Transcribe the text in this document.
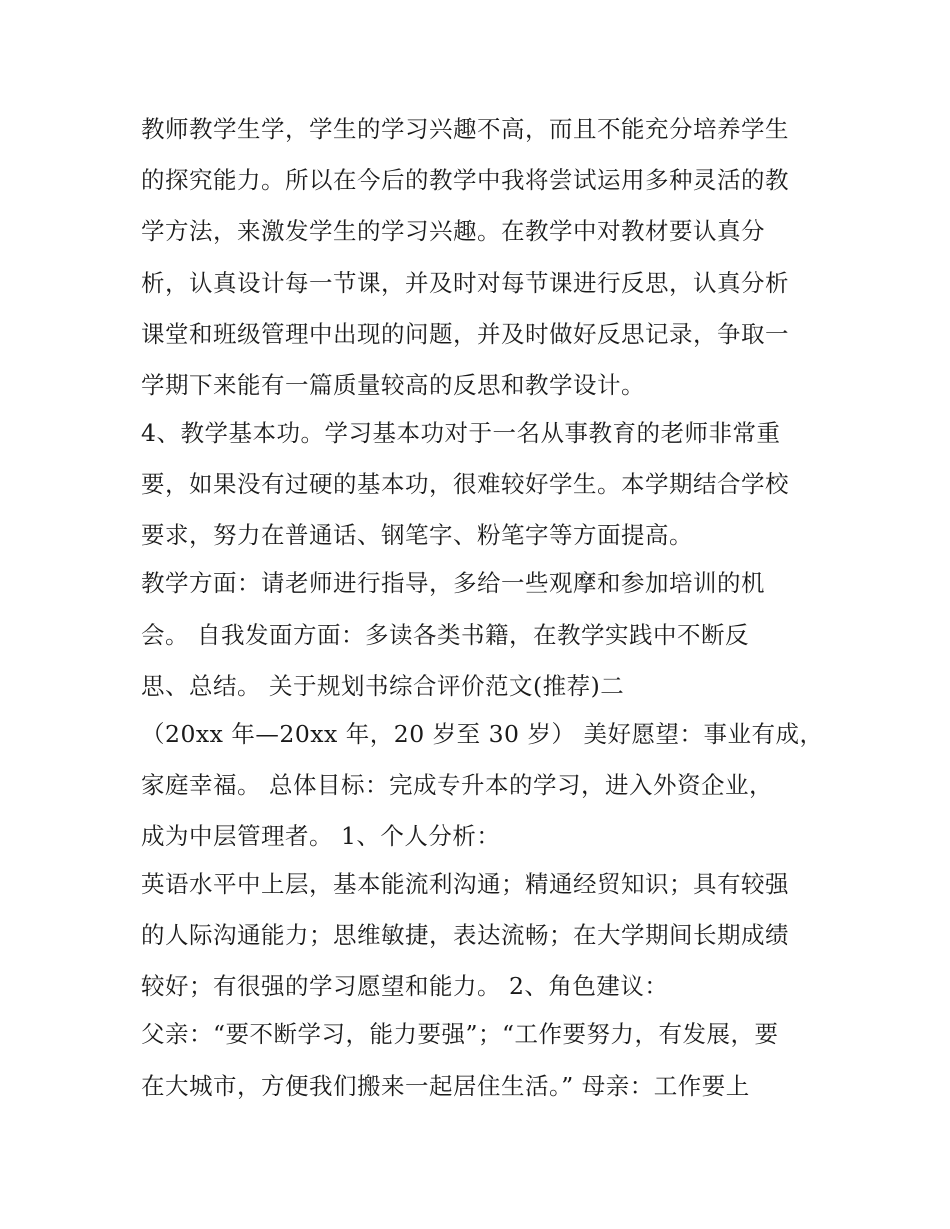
教师教学生学，学生的学习兴趣不高，而且不能充分培养学生
的探究能力。所以在今后的教学中我将尝试运用多种灵活的教
学方法，来激发学生的学习兴趣。在教学中对教材要认真分
析，认真设计每一节课，并及时对每节课进行反思，认真分析
课堂和班级管理中出现的问题，并及时做好反思记录，争取一
学期下来能有一篇质量较高的反思和教学设计。
4、教学基本功。学习基本功对于一名从事教育的老师非常重
要，如果没有过硬的基本功，很难较好学生。本学期结合学校
要求，努力在普通话、钢笔字、粉笔字等方面提高。
教学方面：请老师进行指导，多给一些观摩和参加培训的机
会。 自我发面方面：多读各类书籍，在教学实践中不断反
思、总结。 关于规划书综合评价范文(推荐)二
（20xx 年—20xx 年，20 岁至 30 岁） 美好愿望：事业有成，
家庭幸福。 总体目标：完成专升本的学习，进入外资企业，
成为中层管理者。 1、个人分析：
英语水平中上层，基本能流利沟通；精通经贸知识；具有较强
的人际沟通能力；思维敏捷，表达流畅；在大学期间长期成绩
较好；有很强的学习愿望和能力。 2、角色建议：
父亲：“要不断学习，能力要强”；“工作要努力，有发展，要
在大城市，方便我们搬来一起居住生活。” 母亲：工作要上
